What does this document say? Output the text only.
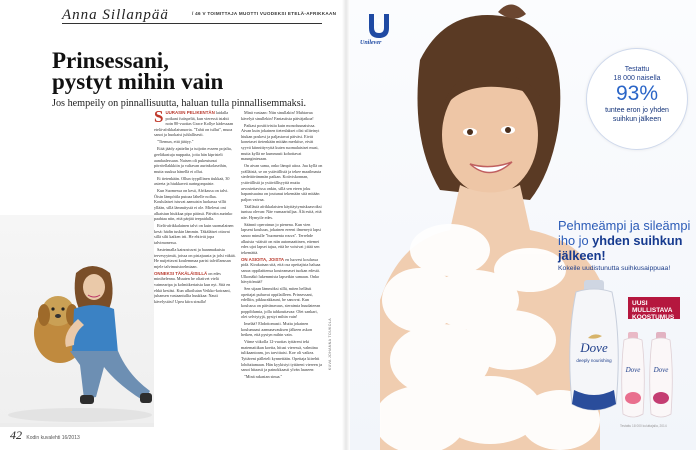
Anna Sillanpää	/ 46 V TOIMITTAJA MUOTTI VUODEKSI ETELÄ-AFRIKKAAN
Prinsessani,
pystyt mihin vain
Jos hempeily on pinnallisuutta, haluan tulla pinnallisemmaksi.

SUURASIN PELIKENTÄN laidalla poikani futispeliä, kun vieressä istahti noin 80-vuotias Grace Kollye kädessaan etelä-afrikkalaisnuorta. "Tahti on tullut", muoa sanoi ja huokaisi juhlallisesti.

"Tiemun, että jäätyy."

Etää jäädy ajattelin ja tuijotin esseen pojalta, geeläkastuja nuppaita, joita hän kipristeli aandaalessaan. Naisen oli pukeutunut pörröellakkkiin ja valtavan aurinkolaseihin, mutta suuksa hänellä ei ollut.

Et tietenkään. Ollun tyypillinen tiukkaä, 30 asteeta ja hiukkaveä auringonpaiste.

Kun Suomessa on kesä, Afrikassa on talvi. Öisin lämpötila putoaa lähelle nollaa. Koululaiset istuvat aamuisin luokassa villit yllään, sillä lämmitystä ei ole. Mielessi oni alkaisiun hiukkaa pipo päässä. Päiväin aurinko paahtaa niin, että pärjää teepaidalla.

Etelä-afrikkalainen talvi on kuin suomalainen kesä: hädin tuskin lämmin. Täkäläiset ottavat sillä silti kaiken irti. He ehtivät jopa talvimonessa.

Sasteimalla kainostuvat ja haanmakuisia tervesyyimiä, joissa on pistajuusta ja jolsi väkää. He nuijettavat koulemmaa parisi talviflanssan mjele talvimuistoelmiaan.

ONNEKSI TÄKÄLÄISILLÄ on edes minihelenna. Muuten he oliativet vielä vaimearipa ja kolmitkertaisia kun nyt. Sitä en ehkä kestäsi. Kun ulkoilutan Veikko-koiraani, juhansen vastaantullia huukkaa: Nauti kävelystäsi! Upea kiira sinulla!

Minä vastaan: Niin sinullakin! Mahtavaa kävelyä sinullekin! Fantastista päiväjatkoa!

Paikast positiivistia kuin monofuunaisissa. Aivan kuin jokainen tietenlakset olisi siliteinyt hiukan poskesi ja paljastavat päiväsi. Eivät konetaset tietenkään mitään merkitse, eivät syyvä kiinnittyvyttä kuten suomalaisiset musi, mutta kyllä ne kummasti kohottavat maungintesaan.

On aivan sama, onko lämpö aitoa. Jua kyllä on yrälläistä, se on ystävällistä ja tekee maailmasta siedettävämmän paikan. Kotiviskonnan, ystävällisiä ja ystävällisyyttä mutta arvostettavissa onkin, sillä sen eteen joku hapanisuaina on joutunut tekemään sitä mitään paljon vaivaa.

Täälläsiä afrikkalaisten käyttäytymiskaavoiksi tuntuu olevan: Näe vumaarisiljaa. Älä esitä, että näe. Hymyile edes.

Säännö operoinun jo pienena. Kun vien lapseni kouluun, jokainen ereeni ilmeneyä lapsi sanoo minulle "huomenta rouva". Terrehde alkuista -siäistö on niin automaattinen, ettemei edes ujot lapset tajua, että he voisivat j:ttää sen tekemättä.

ON ASIOITA, JOISTA en luovesi koulussa pidä. Kirakatsan sitä, että osa opettajista haluaa sanoa oppilaittensa kouteamaset tuokan edestä. Ulkonäkö lukemmista lapsetkin samaan. Onko hävyttömää?

Sen sijaan lämmöksi sillä, miten hellästi opettajat puhuvat oppilailleen. Prinsessani, edelliin, pikkurakkauni, he sanovat. Kun koulussa on päivänavaus, sieraimia huudateean poppiblumia, jolla tahkouttavaa: Olet sankari, olet selviytyjä, pystyt mihin vain!

Imelää? Ehdottomasti. Mutta jokainen koulumaasi aamunavauksen jälkeen askon hetken, että pystyn mihin vain.

Viime viikolla 12-vuotias tyttäreni teki matematiikan koetta, hitusi vieressä, valmiina tulikaantoam, jos tarvittaisi. Koe oli vaikea. Tyttäreni pälleteli kynnettään. Opettaja kiirehti lohduttamaan. Hän kyykistyi tyttäreni viereen ja sanoi hitaasti ja painokkaasti ylvän lauseen:

"Minä rakastan sinua."

KUVA JOHANNA TOUKOLA
42 Kodin kuvalehti 16/2013
Unilever
Testattu
18 000 naisella
93%
tuntee eron jo yhden
suihkun jälkeen
Pehmeämpi ja sileämpi iho jo yhden suihkun jälkeen!
Kokeile uudistunutta suihkusaippuaa!
UUSI
MULLISTAVA
KOOSTUMUS
Dove
deeply nourishing
Dove Dove
Testattu 18 000 kuluttajalla, 2014
